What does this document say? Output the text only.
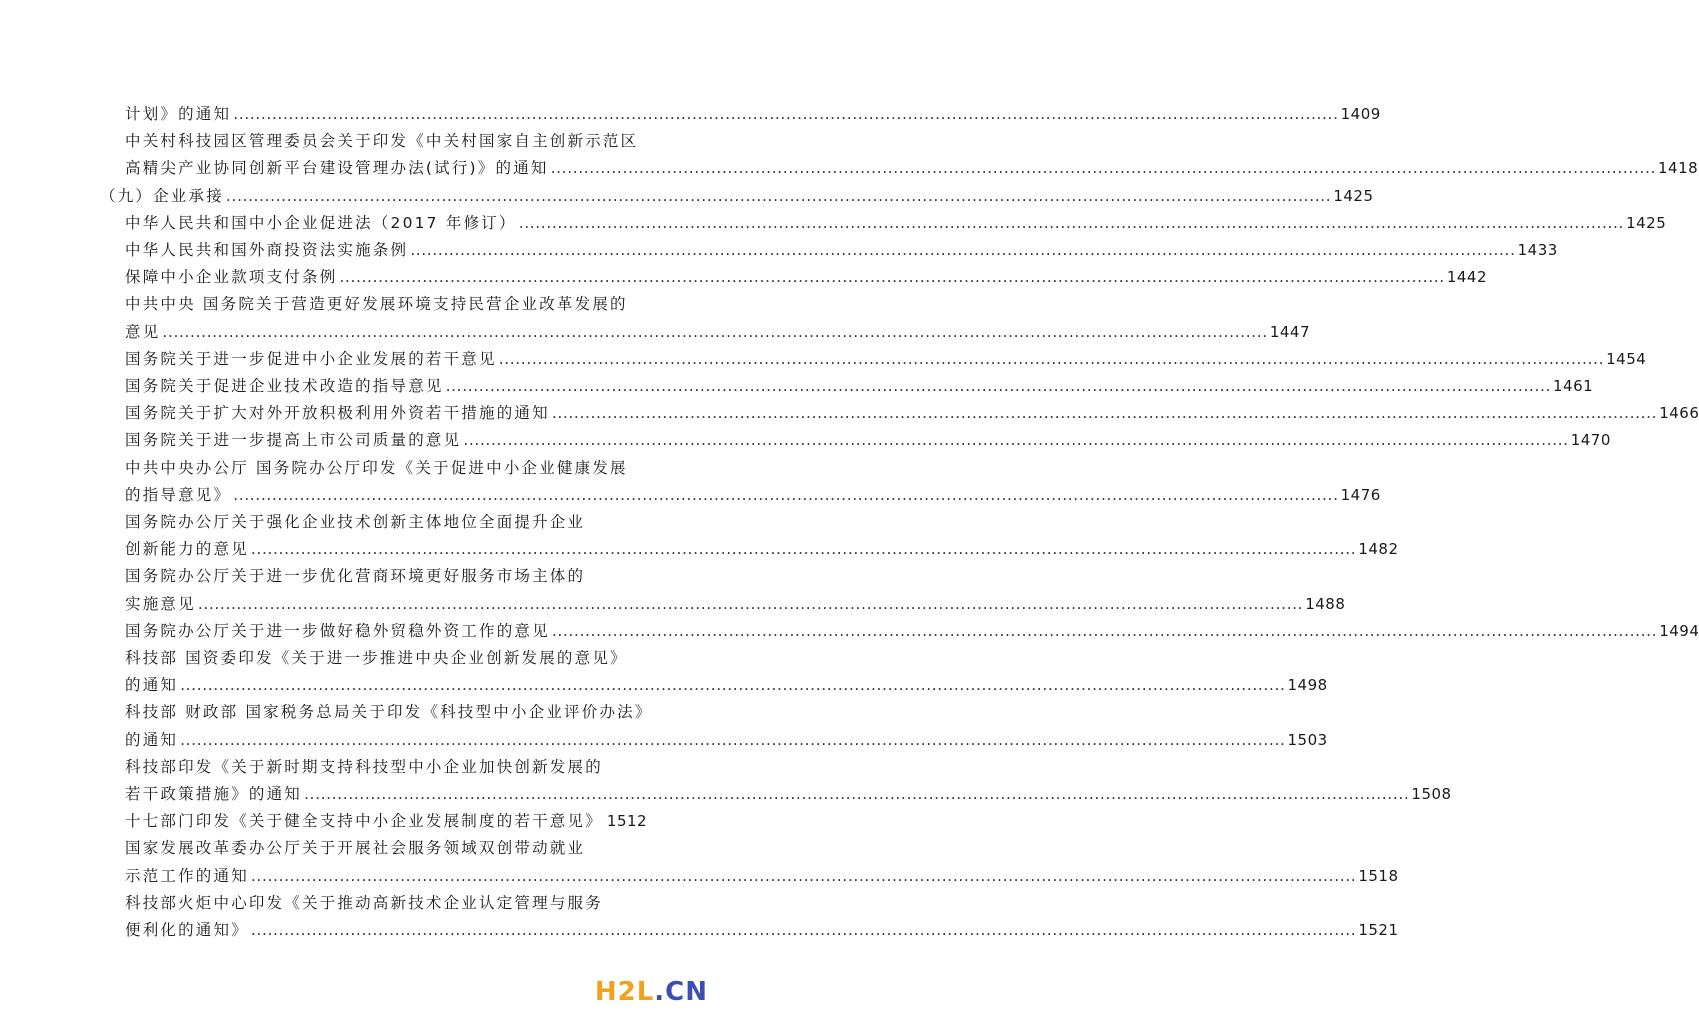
计划》的通知 .....	1409
中关村科技园区管理委员会关于印发《中关村国家自主创新示范区
高精尖产业协同创新平台建设管理办法(试行)》的通知 .....	1418
（九）企业承接 .....	1425
中华人民共和国中小企业促进法（2017 年修订） .....	1425
中华人民共和国外商投资法实施条例 .....	1433
保障中小企业款项支付条例 .....	1442
中共中央 国务院关于营造更好发展环境支持民营企业改革发展的
意见 .....	1447
国务院关于进一步促进中小企业发展的若干意见 .....	1454
国务院关于促进企业技术改造的指导意见 .....	1461
国务院关于扩大对外开放积极利用外资若干措施的通知 .....	1466
国务院关于进一步提高上市公司质量的意见 .....	1470
中共中央办公厅 国务院办公厅印发《关于促进中小企业健康发展
的指导意见》 .....	1476
国务院办公厅关于强化企业技术创新主体地位全面提升企业
创新能力的意见 .....	1482
国务院办公厅关于进一步优化营商环境更好服务市场主体的
实施意见 .....	1488
国务院办公厅关于进一步做好稳外贸稳外资工作的意见 .....	1494
科技部 国资委印发《关于进一步推进中央企业创新发展的意见》
的通知 .....	1498
科技部 财政部 国家税务总局关于印发《科技型中小企业评价办法》
的通知 .....	1503
科技部印发《关于新时期支持科技型中小企业加快创新发展的
若干政策措施》的通知 .....	1508
十七部门印发《关于健全支持中小企业发展制度的若干意见》 1512
国家发展改革委办公厅关于开展社会服务领域双创带动就业
示范工作的通知 .....	1518
科技部火炬中心印发《关于推动高新技术企业认定管理与服务
便利化的通知》 .....	1521
H2L.CN
